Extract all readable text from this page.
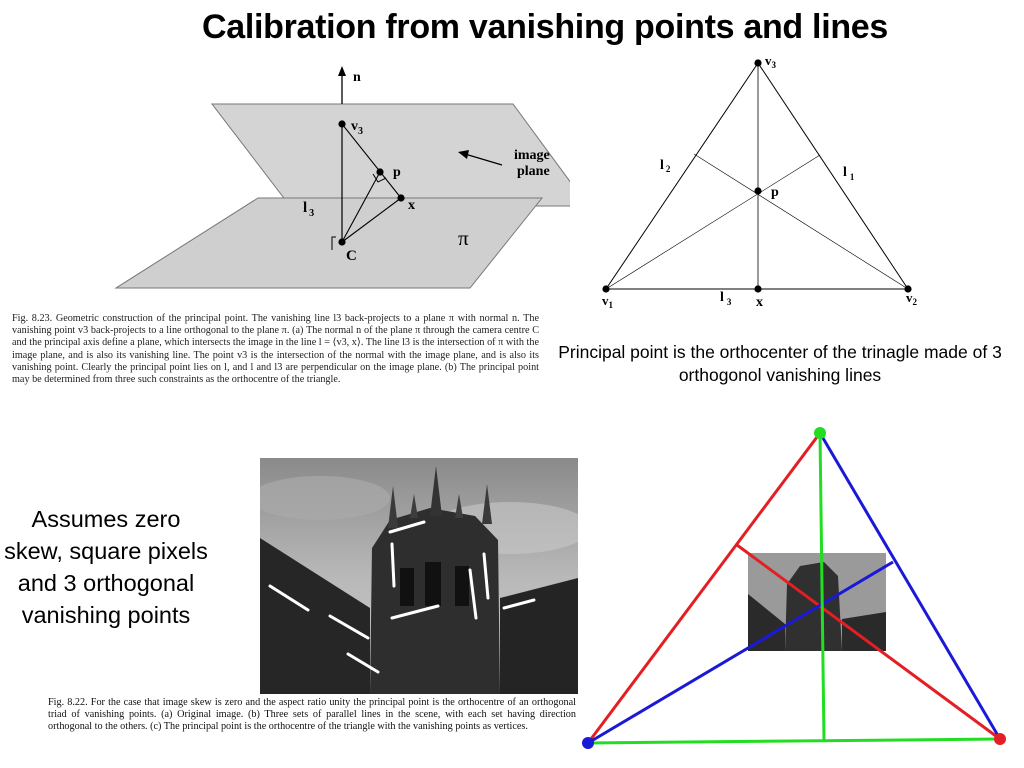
Calibration from vanishing points and lines
n
$v_3$
p
x
l $_3$
C
π
image
plane
Fig. 8.23. Geometric construction of the principal point. The vanishing line l3 back-projects to a plane π with normal n. The vanishing point v3 back-projects to a line orthogonal to the plane π. (a) The normal n of the plane π through the camera centre C and the principal axis define a plane, which intersects the image in the line l = ⟨v3, x⟩. The line l3 is the intersection of π with the image plane, and is also its vanishing line. The point v3 is the intersection of the normal with the image plane, and is also its vanishing point. Clearly the principal point lies on l, and l and l3 are perpendicular on the image plane. (b) The principal point may be determined from three such constraints as the orthocentre of the triangle.
$v_3$
$v_1$	$v_2$
l $_2$	l $_1$
l $_3$
p
x
Principal point is the orthocenter of the trinagle made of 3 orthogonol vanishing lines
Assumes zero skew, square pixels and 3 orthogonal vanishing points
Fig. 8.22. For the case that image skew is zero and the aspect ratio unity the principal point is the orthocentre of an orthogonal triad of vanishing points. (a) Original image. (b) Three sets of parallel lines in the scene, with each set having direction orthogonal to the others. (c) The principal point is the orthocentre of the triangle with the vanishing points as vertices.
